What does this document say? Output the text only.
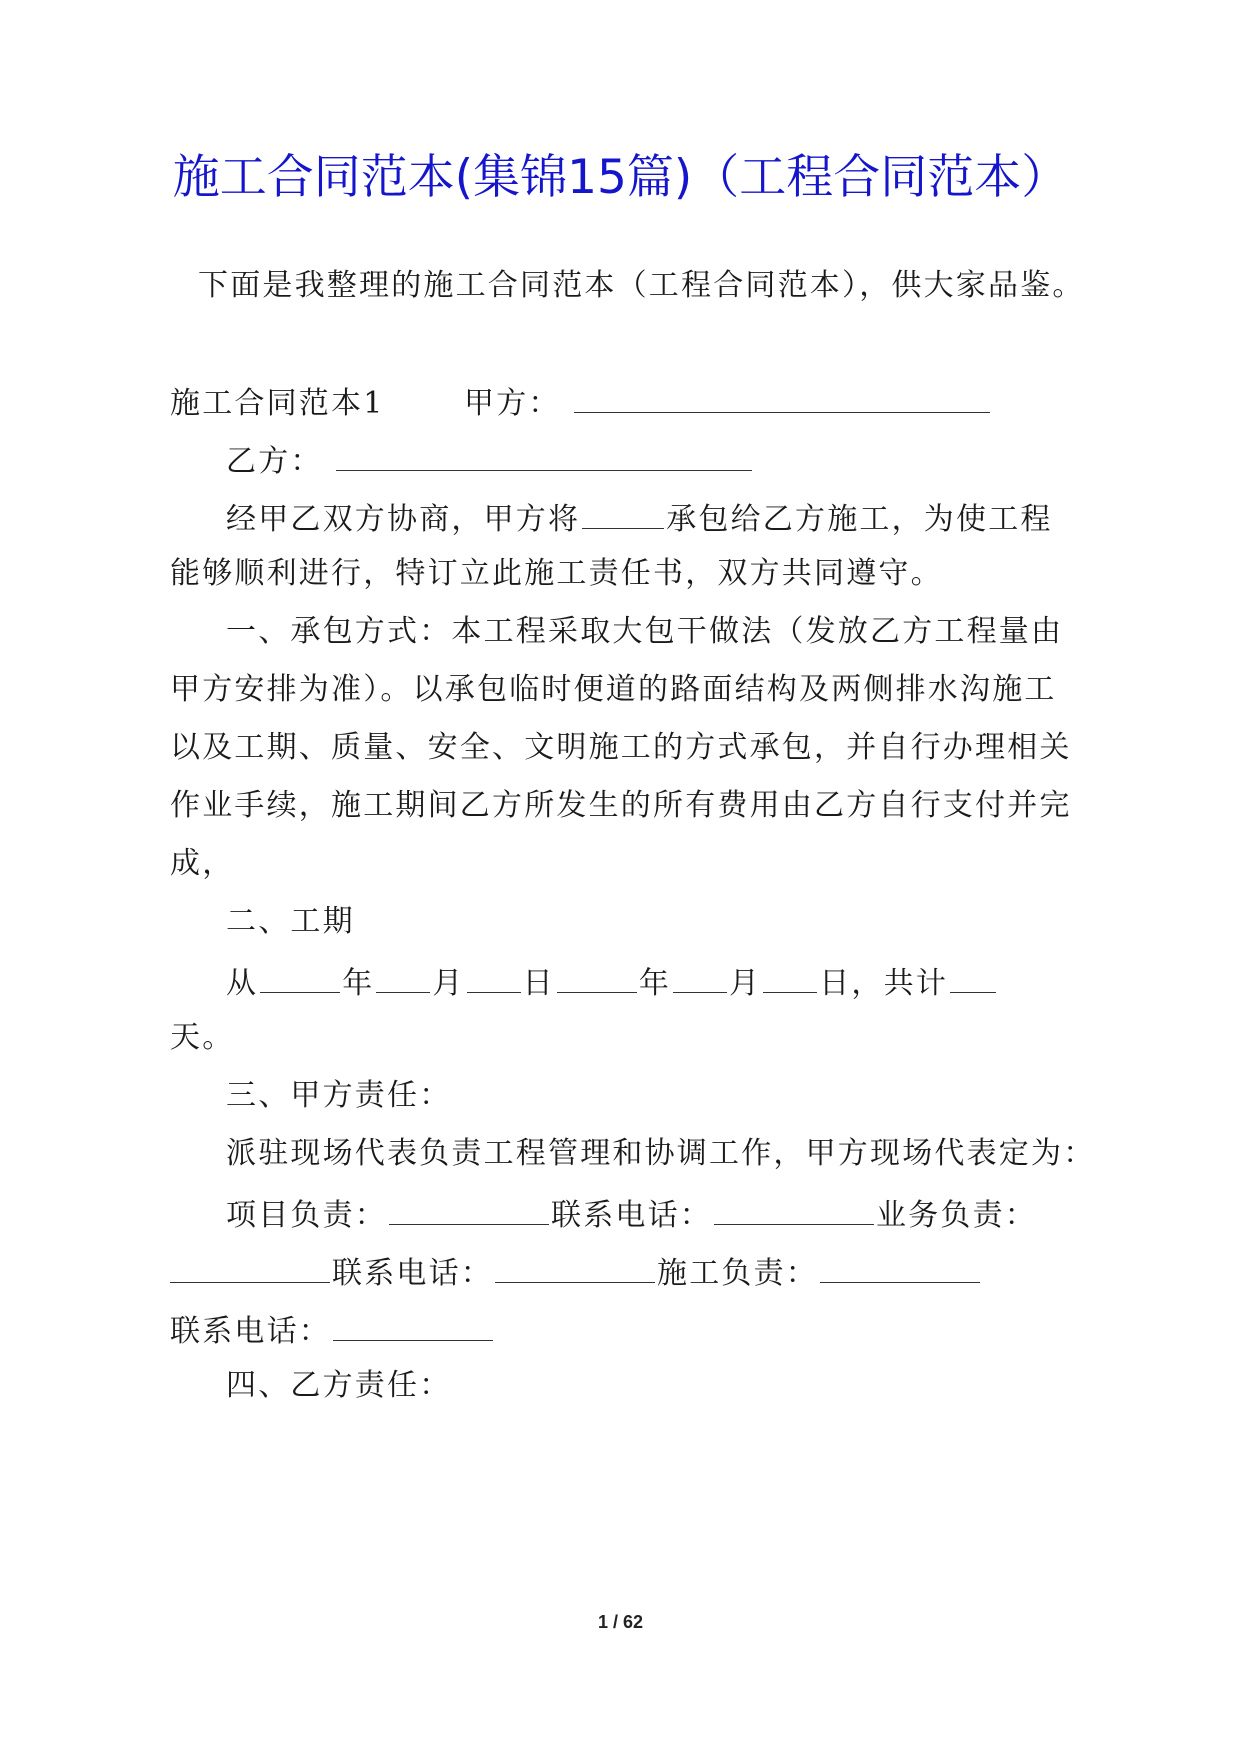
施工合同范本(集锦15篇)（工程合同范本）
下面是我整理的施工合同范本（工程合同范本），供大家品鉴。
施工合同范本1	甲方：
乙方：
经甲乙双方协商，甲方将	承包给乙方施工，为使工程
能够顺利进行，特订立此施工责任书，双方共同遵守。
一、承包方式：本工程采取大包干做法（发放乙方工程量由
甲方安排为准）。以承包临时便道的路面结构及两侧排水沟施工
以及工期、质量、安全、文明施工的方式承包，并自行办理相关
作业手续，施工期间乙方所发生的所有费用由乙方自行支付并完
成，
二、工期
从	年 月 日	年 月 日，共计
天。
三、甲方责任：
派驻现场代表负责工程管理和协调工作，甲方现场代表定为：
项目负责：	联系电话：	业务负责：
联系电话：	施工负责：
联系电话：
四、乙方责任：
1 / 62
